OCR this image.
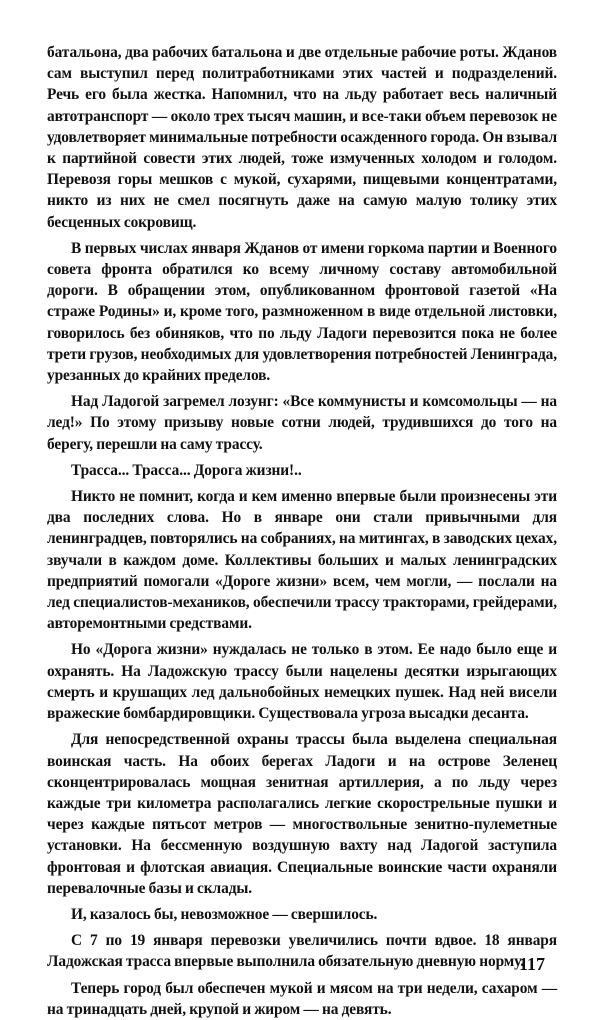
батальона, два рабочих батальона и две отдельные рабочие роты. Жданов сам выступил перед политработниками этих частей и подразделений. Речь его была жестка. Напомнил, что на льду работает весь наличный автотранспорт — около трех тысяч машин, и все-таки объем перевозок не удовлетворяет минимальные потребности осажденного города. Он взывал к партийной совести этих людей, тоже измученных холодом и голодом. Перевозя горы мешков с мукой, сухарями, пищевыми концентратами, никто из них не смел посягнуть даже на самую малую толику этих бесценных сокровищ.

В первых числах января Жданов от имени горкома партии и Военного совета фронта обратился ко всему личному составу автомобильной дороги. В обращении этом, опубликованном фронтовой газетой «На страже Родины» и, кроме того, размноженном в виде отдельной листовки, говорилось без обиняков, что по льду Ладоги перевозится пока не более трети грузов, необходимых для удовлетворения потребностей Ленинграда, урезанных до крайних пределов.

Над Ладогой загремел лозунг: «Все коммунисты и комсомольцы — на лед!» По этому призыву новые сотни людей, трудившихся до того на берегу, перешли на саму трассу.

Трасса... Трасса... Дорога жизни!..

Никто не помнит, когда и кем именно впервые были произнесены эти два последних слова. Но в январе они стали привычными для ленинградцев, повторялись на собраниях, на митингах, в заводских цехах, звучали в каждом доме. Коллективы больших и малых ленинградских предприятий помогали «Дороге жизни» всем, чем могли, — послали на лед специалистов-механиков, обеспечили трассу тракторами, грейдерами, авторемонтными средствами.

Но «Дорога жизни» нуждалась не только в этом. Ее надо было еще и охранять. На Ладожскую трассу были нацелены десятки изрыгающих смерть и крушащих лед дальнобойных немецких пушек. Над ней висели вражеские бомбардировщики. Существовала угроза высадки десанта.

Для непосредственной охраны трассы была выделена специальная воинская часть. На обоих берегах Ладоги и на острове Зеленец сконцентрировалась мощная зенитная артиллерия, а по льду через каждые три километра располагались легкие скорострельные пушки и через каждые пятьсот метров — многоствольные зенитно-пулеметные установки. На бессменную воздушную вахту над Ладогой заступила фронтовая и флотская авиация. Специальные воинские части охраняли перевалочные базы и склады.

И, казалось бы, невозможное — свершилось.

С 7 по 19 января перевозки увеличились почти вдвое. 18 января Ладожская трасса впервые выполнила обязательную дневную норму.

Теперь город был обеспечен мукой и мясом на три недели, сахаром — на тринадцать дней, крупой и жиром — на девять.

117
